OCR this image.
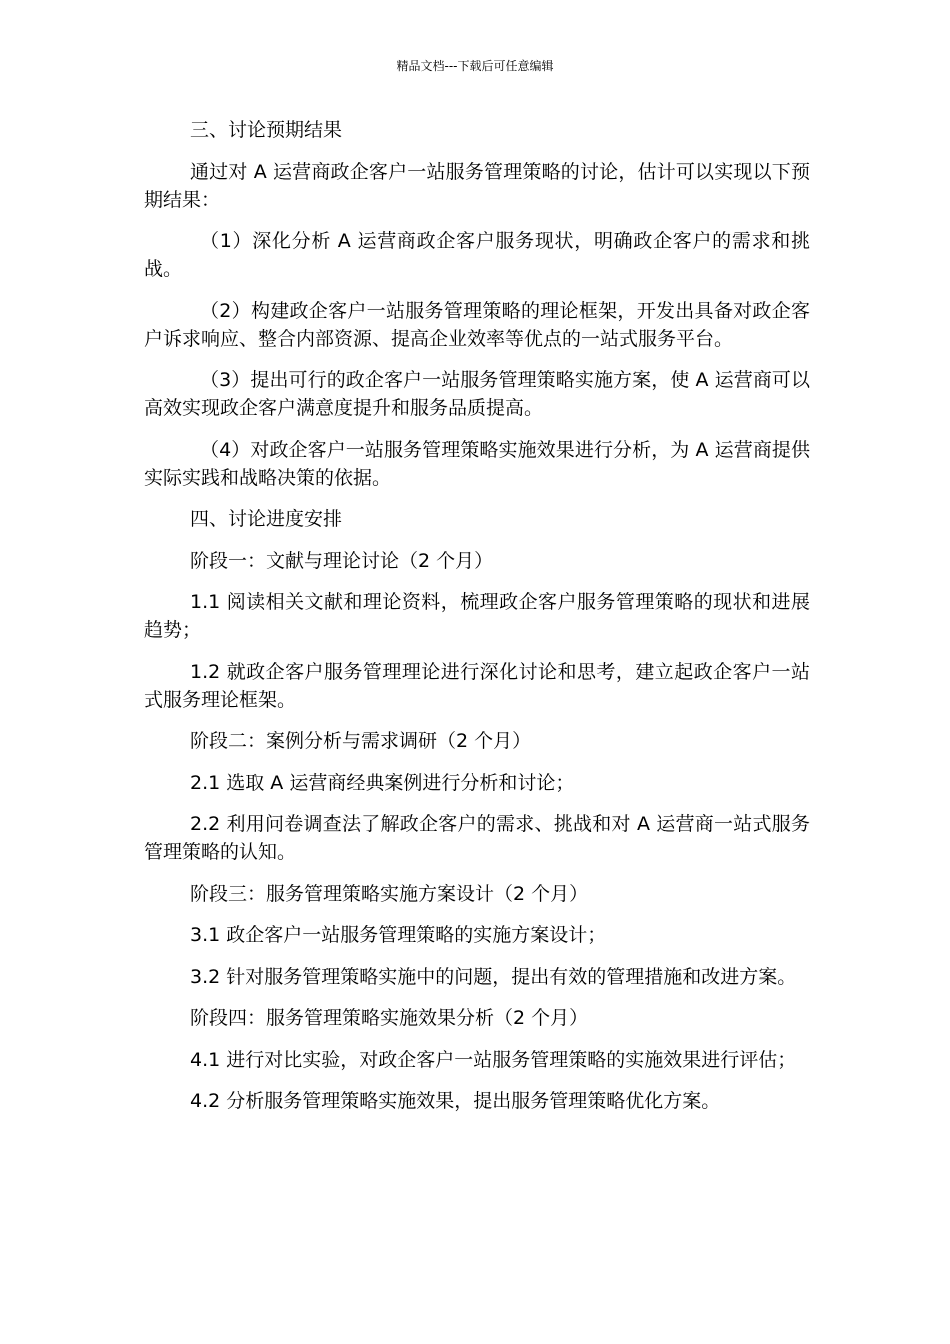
精品文档---下载后可任意编辑

三、讨论预期结果

通过对 A 运营商政企客户一站服务管理策略的讨论，估计可以实现以下预期结果：

（1）深化分析 A 运营商政企客户服务现状，明确政企客户的需求和挑战。

（2）构建政企客户一站服务管理策略的理论框架，开发出具备对政企客户诉求响应、整合内部资源、提高企业效率等优点的一站式服务平台。

（3）提出可行的政企客户一站服务管理策略实施方案，使 A 运营商可以高效实现政企客户满意度提升和服务品质提高。

（4）对政企客户一站服务管理策略实施效果进行分析，为 A 运营商提供实际实践和战略决策的依据。

四、讨论进度安排

阶段一：文献与理论讨论（2 个月）

1.1 阅读相关文献和理论资料，梳理政企客户服务管理策略的现状和进展趋势；

1.2 就政企客户服务管理理论进行深化讨论和思考，建立起政企客户一站式服务理论框架。

阶段二：案例分析与需求调研（2 个月）

2.1 选取 A 运营商经典案例进行分析和讨论；

2.2 利用问卷调查法了解政企客户的需求、挑战和对 A 运营商一站式服务管理策略的认知。

阶段三：服务管理策略实施方案设计（2 个月）

3.1 政企客户一站服务管理策略的实施方案设计；

3.2 针对服务管理策略实施中的问题，提出有效的管理措施和改进方案。

阶段四：服务管理策略实施效果分析（2 个月）

4.1 进行对比实验，对政企客户一站服务管理策略的实施效果进行评估；

4.2 分析服务管理策略实施效果，提出服务管理策略优化方案。
